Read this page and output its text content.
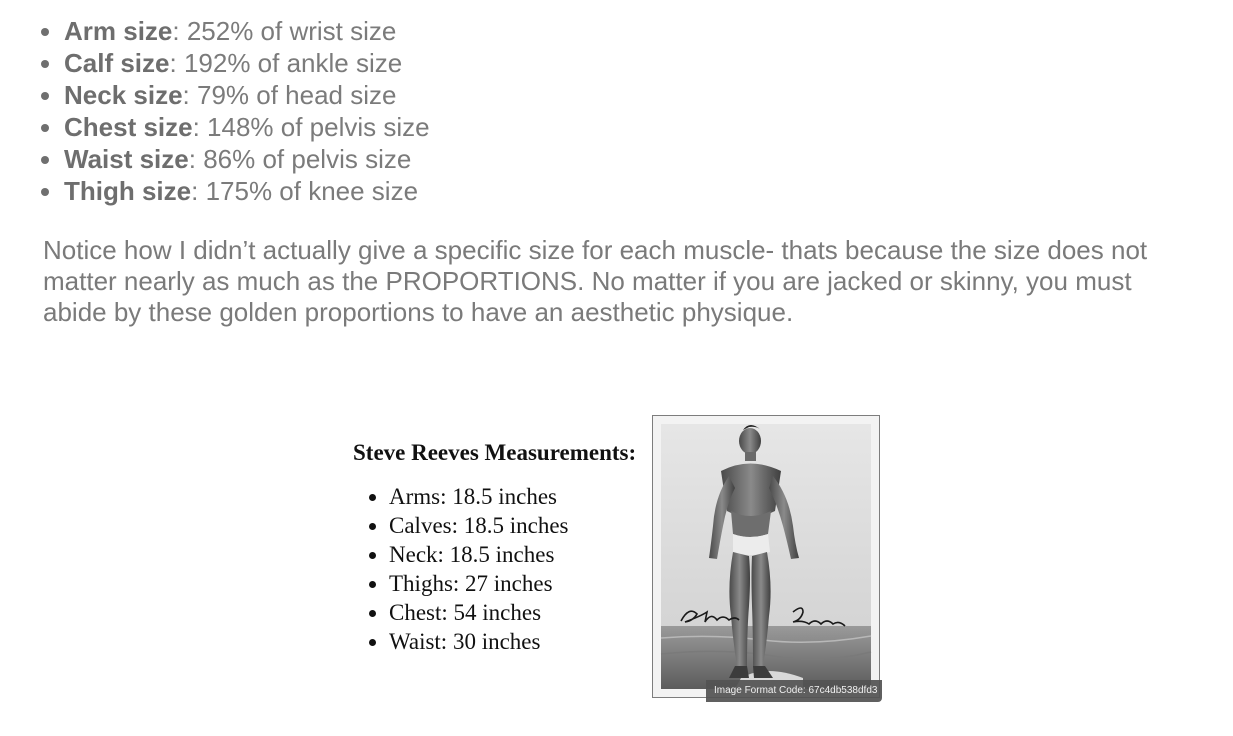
• Arm size: 252% of wrist size
• Calf size: 192% of ankle size
• Neck size: 79% of head size
• Chest size: 148% of pelvis size
• Waist size: 86% of pelvis size
• Thigh size: 175% of knee size

Notice how I didn’t actually give a specific size for each muscle- thats because the size does not matter nearly as much as the PROPORTIONS. No matter if you are jacked or skinny, you must abide by these golden proportions to have an aesthetic physique.

Steve Reeves Measurements:
• Arms: 18.5 inches
• Calves: 18.5 inches
• Neck: 18.5 inches
• Thighs: 27 inches
• Chest: 54 inches
• Waist: 30 inches
Image Format Code: 67c4db538dfd3
